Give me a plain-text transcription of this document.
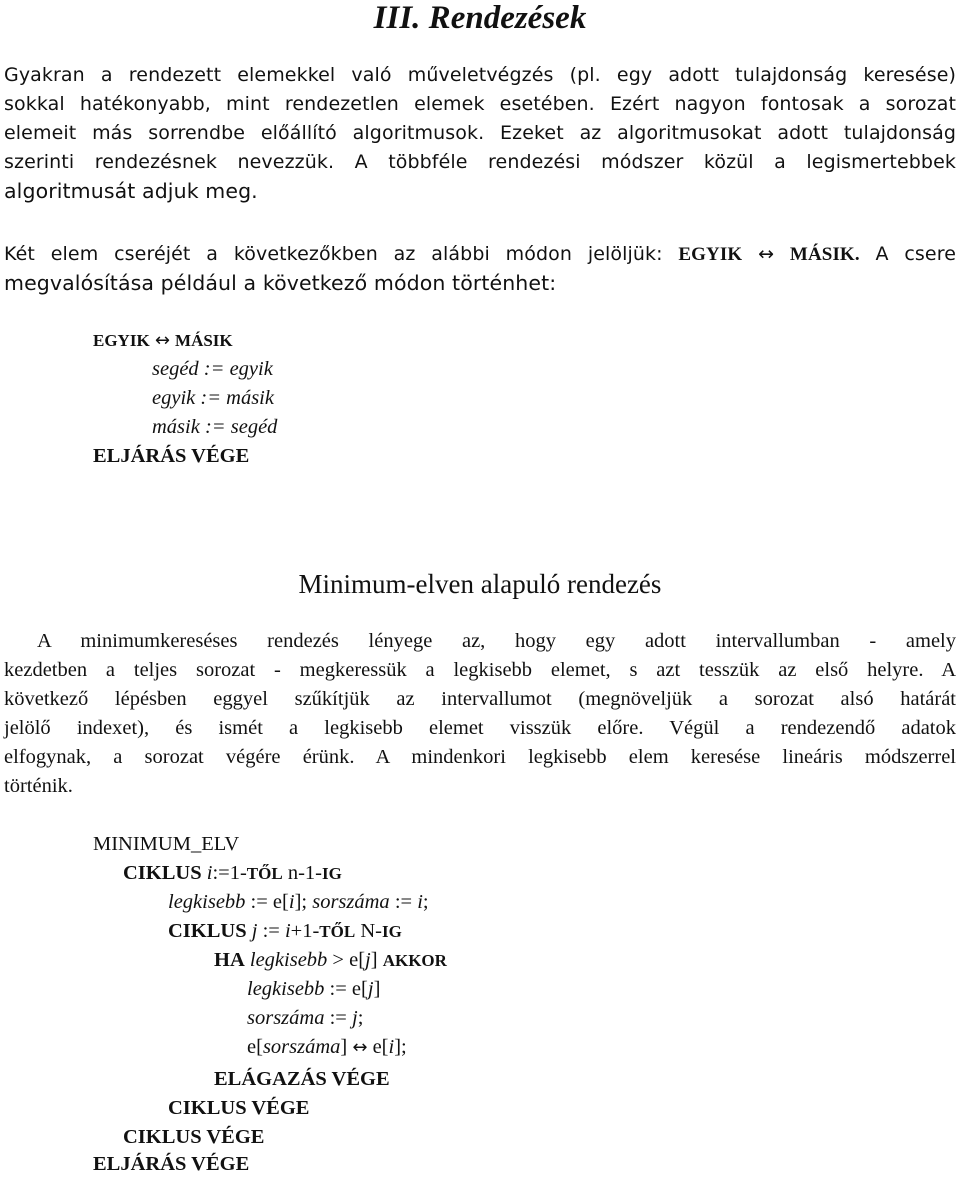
III. Rendezések
Gyakran a rendezett elemekkel való műveletvégzés (pl. egy adott tulajdonság keresése)
sokkal hatékonyabb, mint rendezetlen elemek esetében. Ezért nagyon fontosak a sorozat
elemeit más sorrendbe előállító algoritmusok. Ezeket az algoritmusokat adott tulajdonság
szerinti rendezésnek nevezzük. A többféle rendezési módszer közül a legismertebbek
algoritmusát adjuk meg.
Két elem cseréjét a következőkben az alábbi módon jelöljük: EGYIK ↔ MÁSIK. A csere
megvalósítása például a következő módon történhet:
EGYIK ↔ MÁSIK
segéd := egyik
egyik := másik
másik := segéd
ELJÁRÁS VÉGE
Minimum-elven alapuló rendezés
A minimumkereséses rendezés lényege az, hogy egy adott intervallumban - amely
kezdetben a teljes sorozat - megkeressük a legkisebb elemet, s azt tesszük az első helyre. A
következő lépésben eggyel szűkítjük az intervallumot (megnöveljük a sorozat alsó határát
jelölő indexet), és ismét a legkisebb elemet visszük előre. Végül a rendezendő adatok
elfogynak, a sorozat végére érünk. A mindenkori legkisebb elem keresése lineáris módszerrel
történik.
MINIMUM_ELV
CIKLUS i:=1-TŐL n-1-IG
legkisebb := e[i]; sorszáma := i;
CIKLUS j := i+1-TŐL N-IG
HA legkisebb > e[j] AKKOR
legkisebb := e[j]
sorszáma := j;
e[sorszáma] ↔ e[i];
ELÁGAZÁS VÉGE
CIKLUS VÉGE
CIKLUS VÉGE
ELJÁRÁS VÉGE
